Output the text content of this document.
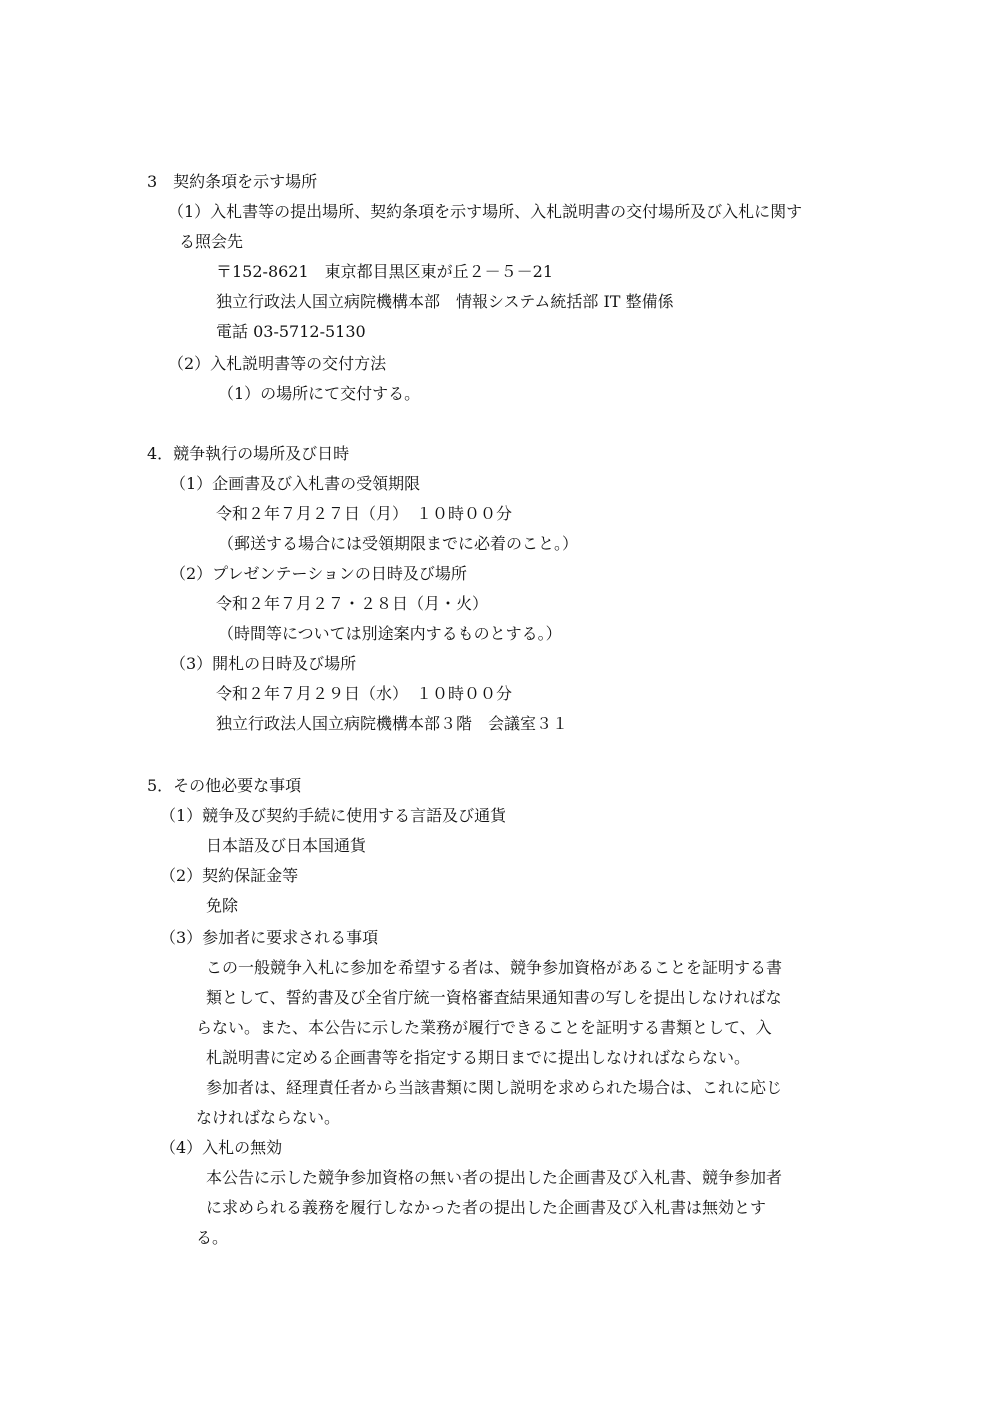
3　契約条項を示す場所
（1）入札書等の提出場所、契約条項を示す場所、入札説明書の交付場所及び入札に関す
る照会先
〒152-8621　東京都目黒区東が丘２－５－21
独立行政法人国立病院機構本部　情報システム統括部 IT 整備係
電話 03-5712-5130
（2）入札説明書等の交付方法
（1）の場所にて交付する。
4．競争執行の場所及び日時
（1）企画書及び入札書の受領期限
令和２年７月２７日（月）　１０時００分
（郵送する場合には受領期限までに必着のこと。）
（2）プレゼンテーションの日時及び場所
令和２年７月２７・２８日（月・火）
（時間等については別途案内するものとする。）
（3）開札の日時及び場所
令和２年７月２９日（水）　１０時００分
独立行政法人国立病院機構本部３階　会議室３１
5．その他必要な事項
（1）競争及び契約手続に使用する言語及び通貨
日本語及び日本国通貨
（2）契約保証金等
免除
（3）参加者に要求される事項
この一般競争入札に参加を希望する者は、競争参加資格があることを証明する書
類として、誓約書及び全省庁統一資格審査結果通知書の写しを提出しなければな
らない。また、本公告に示した業務が履行できることを証明する書類として、入
札説明書に定める企画書等を指定する期日までに提出しなければならない。
参加者は、経理責任者から当該書類に関し説明を求められた場合は、これに応じ
なければならない。
（4）入札の無効
本公告に示した競争参加資格の無い者の提出した企画書及び入札書、競争参加者
に求められる義務を履行しなかった者の提出した企画書及び入札書は無効とす
る。
